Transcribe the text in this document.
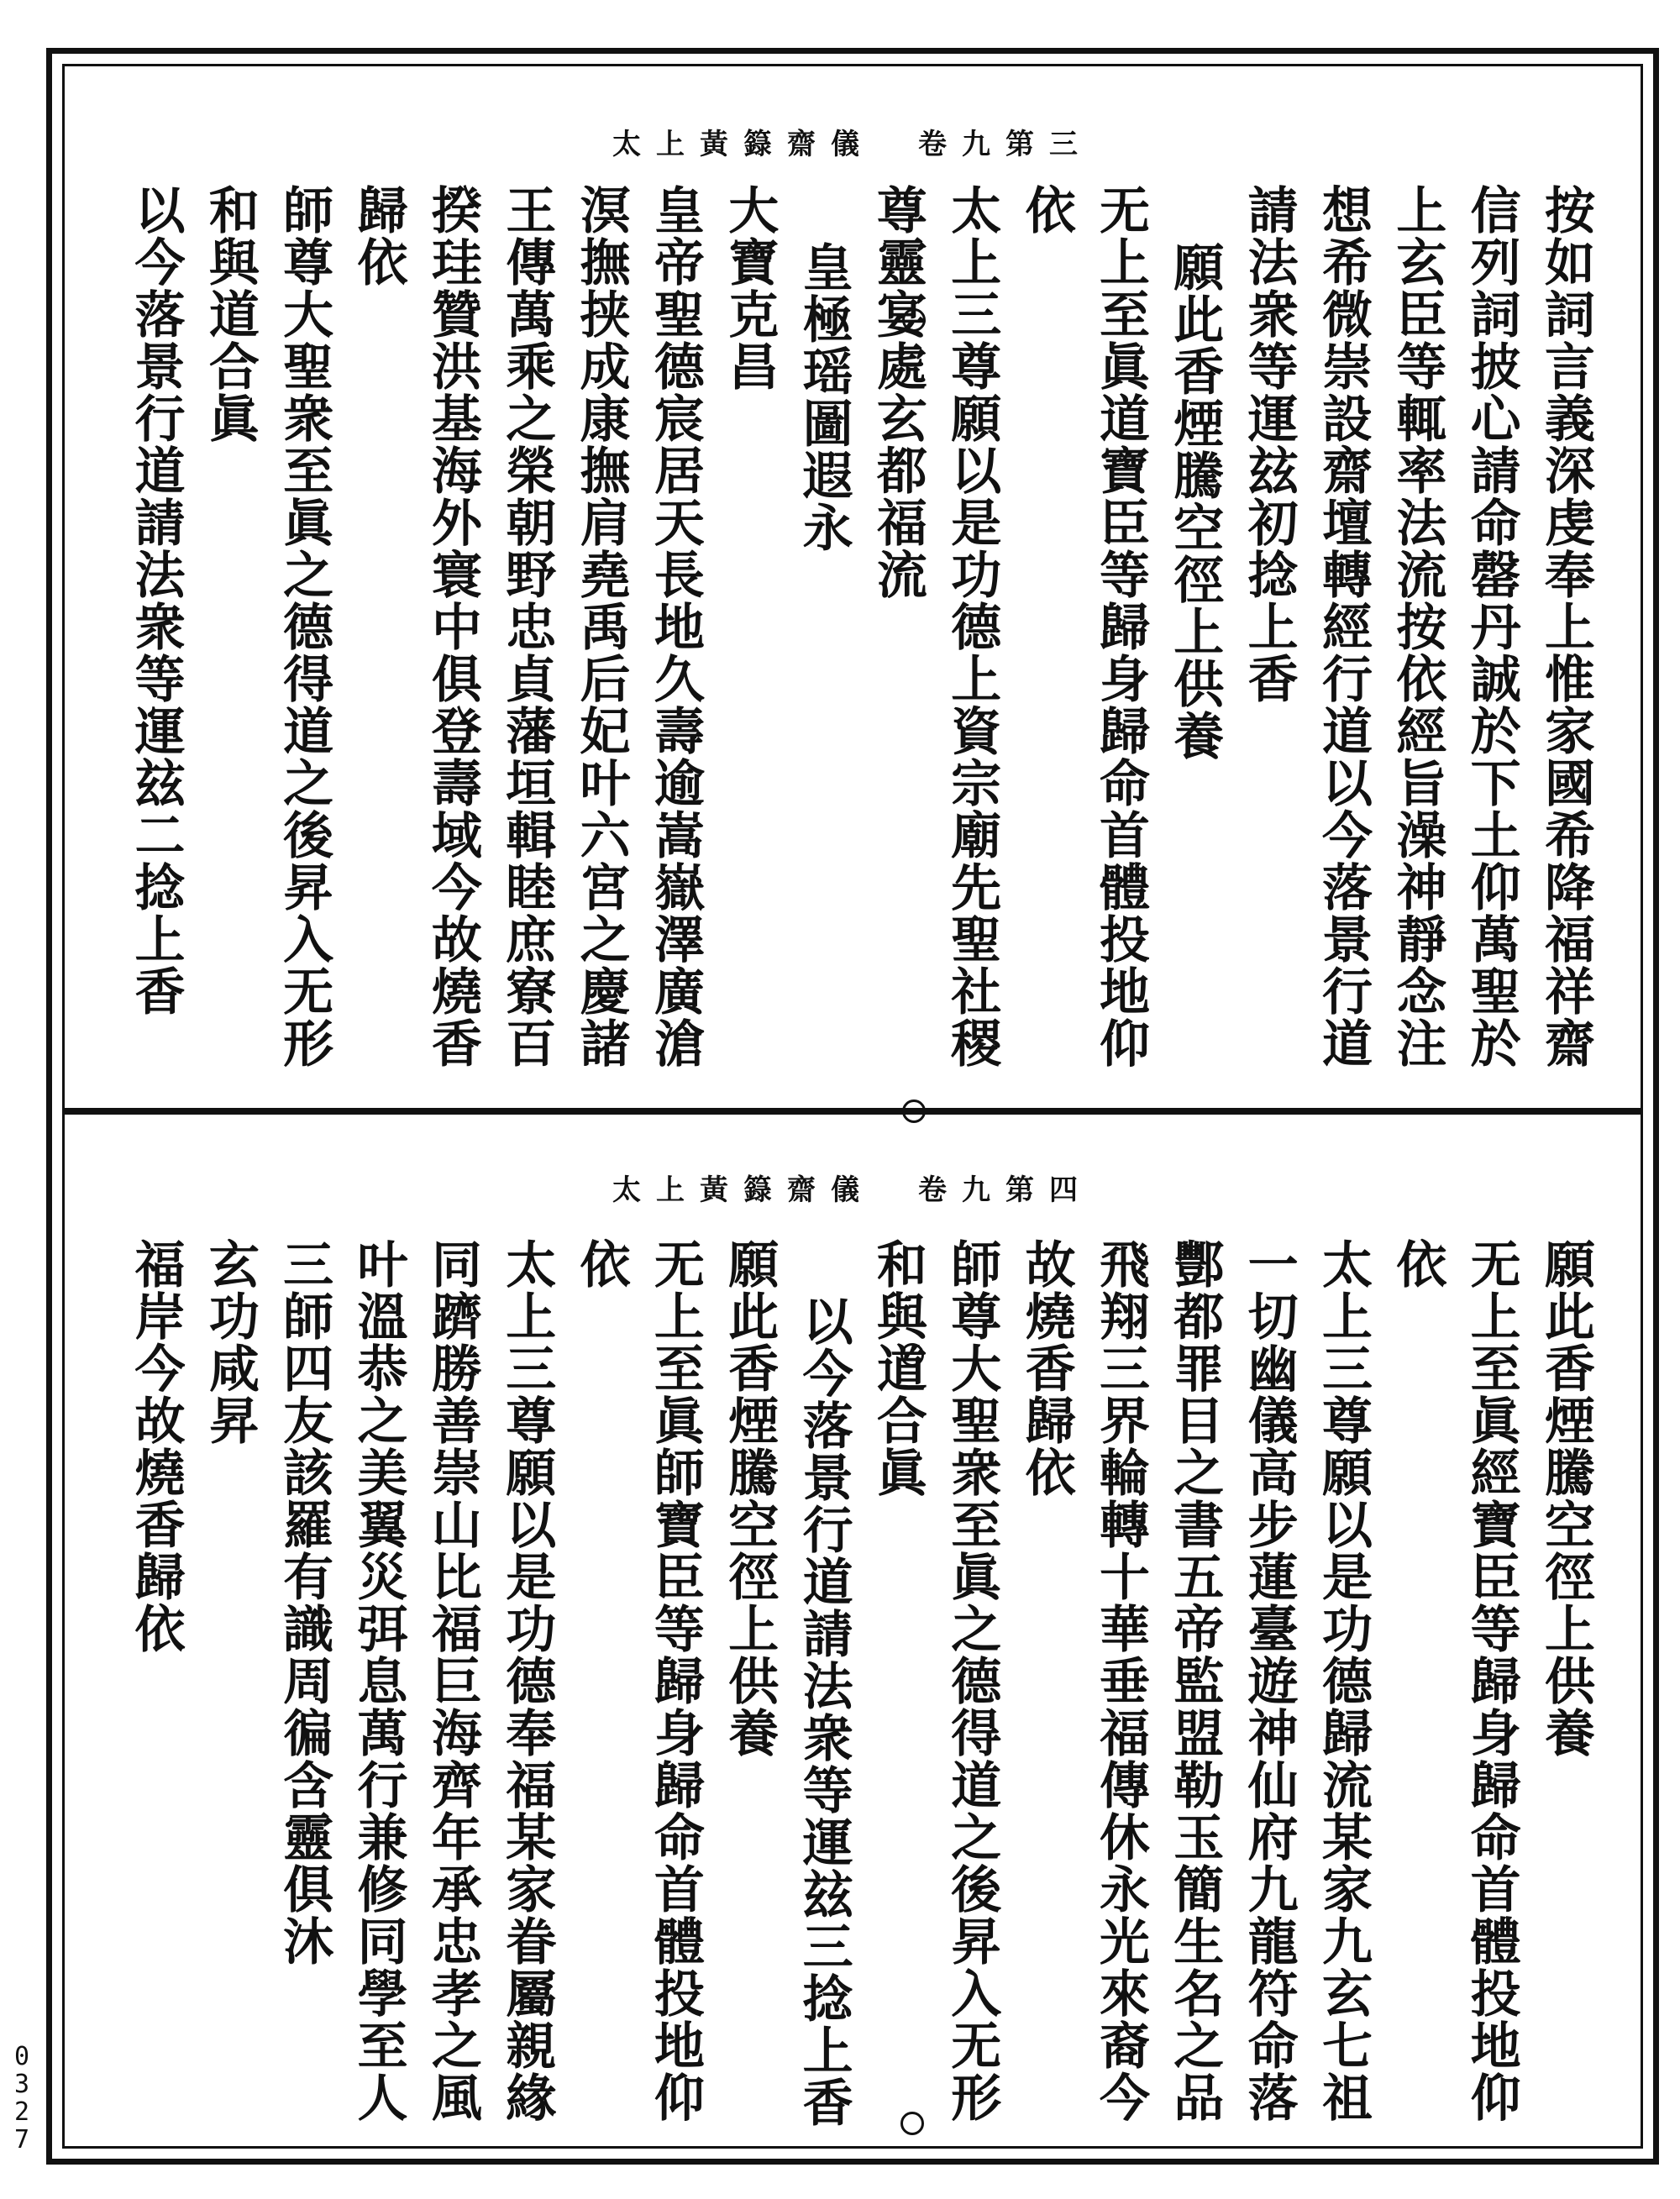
太上黃籙齋儀　卷九第三
按如詞言義深虔奉上惟家國希降福祥齋
信列詞披心請命罄丹誠於下土仰萬聖於
上玄臣等輒率法流按依經旨澡神靜念注
想希微崇設齋壇轉經行道以今落景行道
請法衆等運玆初捻上香
願此香煙騰空徑上供養
无上至眞道寶臣等歸身歸命首體投地仰
依
太上三尊願以是功德上資宗廟先聖社稷
尊靈宴處玄都福流
皇極瑶圖遐永
大寶克昌
皇帝聖德宸居天長地久壽逾嵩嶽澤廣滄
溟撫挟成康撫肩堯禹后妃叶六宮之慶諸
王傳萬乘之榮朝野忠貞藩垣輯睦庶寮百
揆珪贊洪基海外寰中俱登壽域今故燒香
歸依
師尊大聖衆至眞之德得道之後昇入无形
和與道合眞
以今落景行道請法衆等運玆二捻上香
太上黃籙齋儀　卷九第四
願此香煙騰空徑上供養
无上至眞經寶臣等歸身歸命首體投地仰
依
太上三尊願以是功德歸流某家九玄七祖
一切幽儀高步蓮臺遊神仙府九龍符命落
酆都罪目之書五帝監盟勒玉簡生名之品
飛翔三界輪轉十華垂福傳休永光來裔今
故燒香歸依
師尊大聖衆至眞之德得道之後昇入无形
和與道合眞
以今落景行道請法衆等運玆三捻上香
願此香煙騰空徑上供養
无上至眞師寶臣等歸身歸命首體投地仰
依
太上三尊願以是功德奉福某家眷屬親緣
同躋勝善崇山比福巨海齊年承忠孝之風
叶溫恭之美翼災弭息萬行兼修同學至人
三師四友該羅有識周徧含靈俱沐
玄功咸昇
福岸今故燒香歸依
0
3
2
7
